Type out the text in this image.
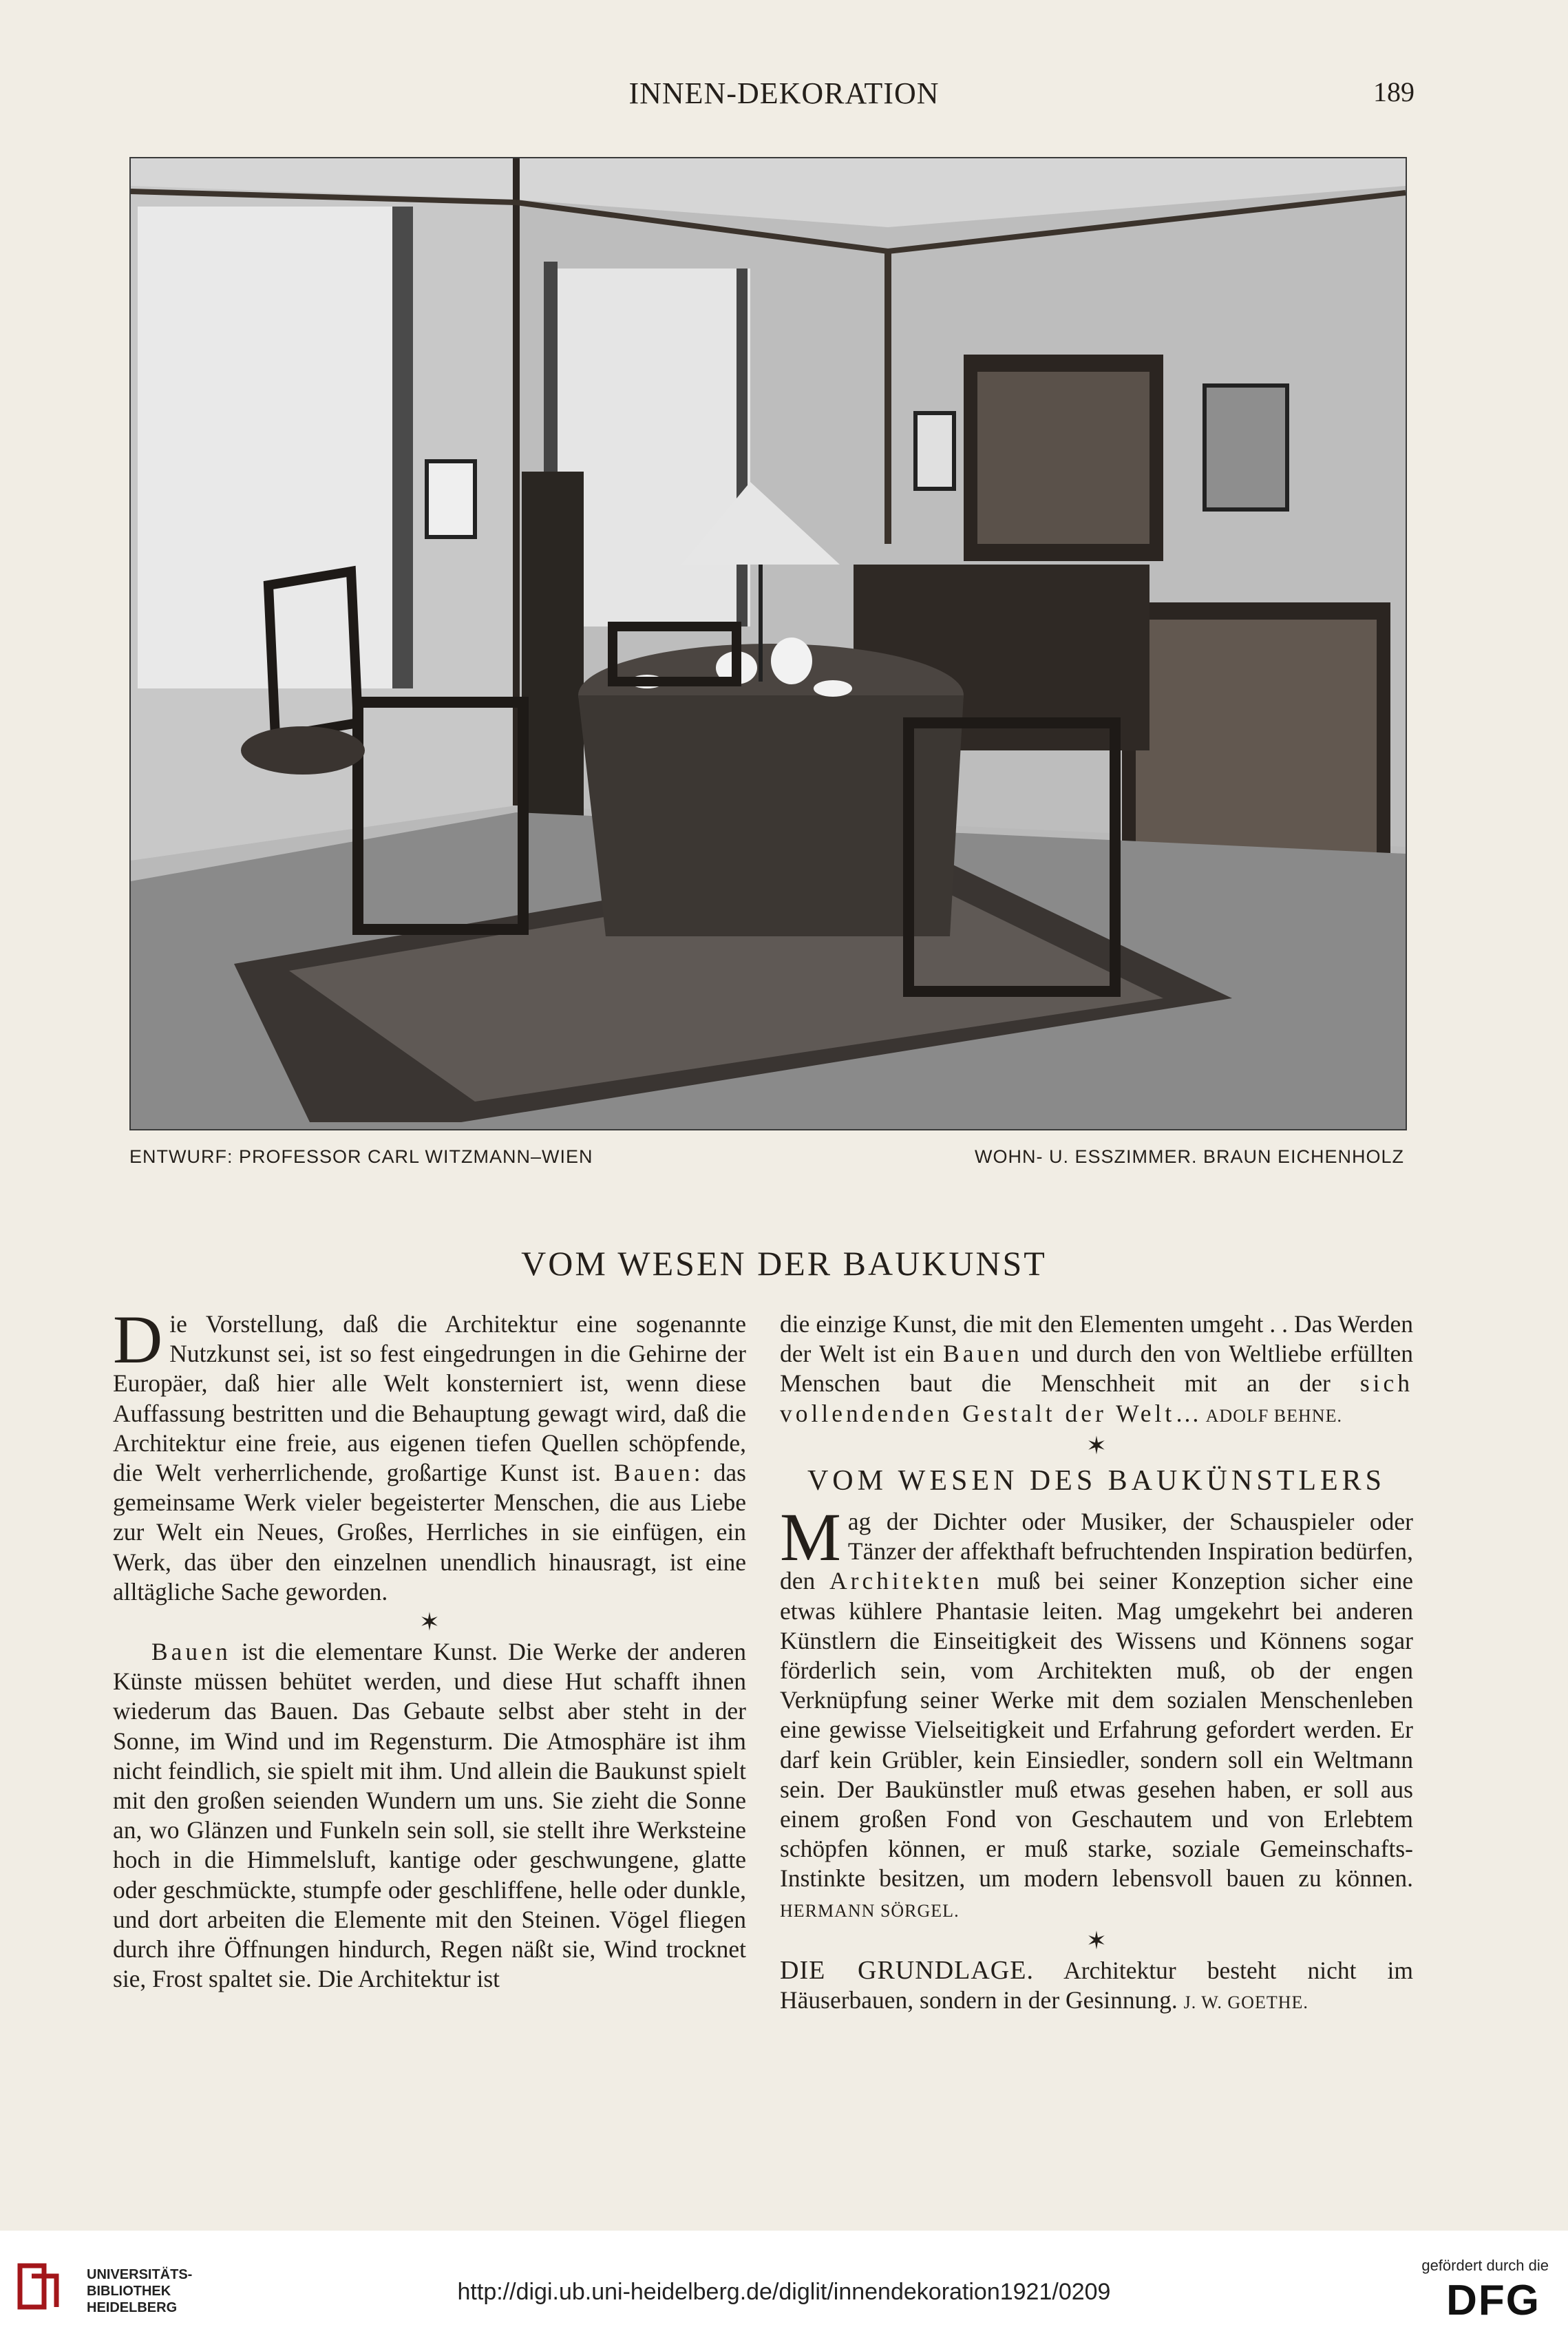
INNEN-DEKORATION	189
ENTWURF: PROFESSOR CARL WITZMANN–WIEN	WOHN- U. ESSZIMMER. BRAUN EICHENHOLZ
VOM WESEN DER BAUKUNST

Die Vorstellung, daß die Architektur eine sogenannte Nutzkunst sei, ist so fest eingedrungen in die Gehirne der Europäer, daß hier alle Welt konsterniert ist, wenn diese Auffassung bestritten und die Behauptung gewagt wird, daß die Architektur eine freie, aus eigenen tiefen Quellen schöpfende, die Welt verherrlichende, großartige Kunst ist. Bauen: das gemeinsame Werk vieler begeisterter Menschen, die aus Liebe zur Welt ein Neues, Großes, Herrliches in sie einfügen, ein Werk, das über den einzelnen unendlich hinausragt, ist eine alltägliche Sache geworden.

✶

Bauen ist die elementare Kunst. Die Werke der anderen Künste müssen behütet werden, und diese Hut schafft ihnen wiederum das Bauen. Das Gebaute selbst aber steht in der Sonne, im Wind und im Regensturm. Die Atmosphäre ist ihm nicht feindlich, sie spielt mit ihm. Und allein die Baukunst spielt mit den großen seienden Wundern um uns. Sie zieht die Sonne an, wo Glänzen und Funkeln sein soll, sie stellt ihre Werksteine hoch in die Himmelsluft, kantige oder geschwungene, glatte oder geschmückte, stumpfe oder geschliffene, helle oder dunkle, und dort arbeiten die Elemente mit den Steinen. Vögel fliegen durch ihre Öffnungen hindurch, Regen näßt sie, Wind trocknet sie, Frost spaltet sie. Die Architektur ist

die einzige Kunst, die mit den Elementen umgeht . . Das Werden der Welt ist ein Bauen und durch den von Weltliebe erfüllten Menschen baut die Menschheit mit an der sich vollendenden Gestalt der Welt… ADOLF BEHNE.

✶
VOM WESEN DES BAUKÜNSTLERS

Mag der Dichter oder Musiker, der Schauspieler oder Tänzer der affekthaft befruchtenden Inspiration bedürfen, den Architekten muß bei seiner Konzeption sicher eine etwas kühlere Phantasie leiten. Mag umgekehrt bei anderen Künstlern die Einseitigkeit des Wissens und Könnens sogar förderlich sein, vom Architekten muß, ob der engen Verknüpfung seiner Werke mit dem sozialen Menschenleben eine gewisse Vielseitigkeit und Erfahrung gefordert werden. Er darf kein Grübler, kein Einsiedler, sondern soll ein Weltmann sein. Der Baukünstler muß etwas gesehen haben, er soll aus einem großen Fond von Geschautem und von Erlebtem schöpfen können, er muß starke, soziale Gemeinschafts-Instinkte besitzen, um modern lebensvoll bauen zu können. HERMANN SÖRGEL.

✶

DIE GRUNDLAGE. Architektur besteht nicht im Häuserbauen, sondern in der Gesinnung. J. W. GOETHE.

UNIVERSITÄTS-
BIBLIOTHEK
HEIDELBERG
http://digi.ub.uni-heidelberg.de/diglit/innendekoration1921/0209
gefördert durch die
DFG
